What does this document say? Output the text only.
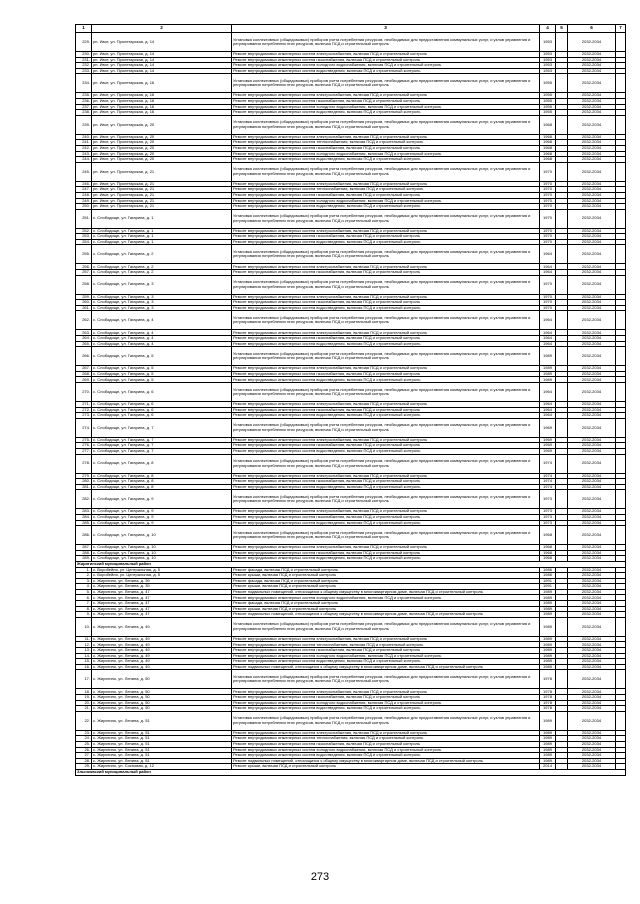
1	2	3	4	5	6	7
229.	рп. Ивот, ул. Пролетарская, д. 14	Установка коллективных (общедомовых) приборов учета потребления ресурсов, необходимых для предоставления коммунальных услуг, и узлов управления и регулирования потребления этих ресурсов, включая ПСД и строительный контроль	1953		2032-2034	
230.	рп. Ивот, ул. Пролетарская, д. 14	Ремонт внутридомовых инженерных систем электроснабжения, включая ПСД и строительный контроль	1953		2032-2034	
231.	рп. Ивот, ул. Пролетарская, д. 14	Ремонт внутридомовых инженерных систем газоснабжения, включая ПСД и строительный контроль	1953		2032-2034	
232.	рп. Ивот, ул. Пролетарская, д. 14	Ремонт внутридомовых инженерных систем холодного водоснабжения, включая ПСД и строительный контроль	1953		2032-2034	
233.	рп. Ивот, ул. Пролетарская, д. 14	Ремонт внутридомовых инженерных систем водоотведения, включая ПСД и строительный контроль	1953		2032-2034	
234.	рп. Ивот, ул. Пролетарская, д. 16	Установка коллективных (общедомовых) приборов учета потребления ресурсов, необходимых для предоставления коммунальных услуг, и узлов управления и регулирования потребления этих ресурсов, включая ПСД и строительный контроль	1955		2032-2034	
235.	рп. Ивот, ул. Пролетарская, д. 16	Ремонт внутридомовых инженерных систем электроснабжения, включая ПСД и строительный контроль	1955		2032-2034	
236.	рп. Ивот, ул. Пролетарская, д. 16	Ремонт внутридомовых инженерных систем газоснабжения, включая ПСД и строительный контроль	1955		2032-2034	
237.	рп. Ивот, ул. Пролетарская, д. 16	Ремонт внутридомовых инженерных систем холодного водоснабжения, включая ПСД и строительный контроль	1955		2032-2034	
238.	рп. Ивот, ул. Пролетарская, д. 16	Ремонт внутридомовых инженерных систем водоотведения, включая ПСД и строительный контроль	1955		2032-2034	
239.	рп. Ивот, ул. Пролетарская, д. 20	Установка коллективных (общедомовых) приборов учета потребления ресурсов, необходимых для предоставления коммунальных услуг, и узлов управления и регулирования потребления этих ресурсов, включая ПСД и строительный контроль	1968		2032-2034	
240.	рп. Ивот, ул. Пролетарская, д. 20	Ремонт внутридомовых инженерных систем электроснабжения, включая ПСД и строительный контроль	1968		2032-2034	
241.	рп. Ивот, ул. Пролетарская, д. 20	Ремонт внутридомовых инженерных систем теплоснабжения, включая ПСД и строительный контроль	1968		2032-2034	
242.	рп. Ивот, ул. Пролетарская, д. 20	Ремонт внутридомовых инженерных систем газоснабжения, включая ПСД и строительный контроль	1968		2032-2034	
243.	рп. Ивот, ул. Пролетарская, д. 20	Ремонт внутридомовых инженерных систем холодного водоснабжения, включая ПСД и строительный контроль	1968		2032-2034	
244.	рп. Ивот, ул. Пролетарская, д. 20	Ремонт внутридомовых инженерных систем водоотведения, включая ПСД и строительный контроль	1968		2032-2034	
245.	рп. Ивот, ул. Пролетарская, д. 21	Установка коллективных (общедомовых) приборов учета потребления ресурсов, необходимых для предоставления коммунальных услуг, и узлов управления и регулирования потребления этих ресурсов, включая ПСД и строительный контроль	1970		2032-2034	
246.	рп. Ивот, ул. Пролетарская, д. 21	Ремонт внутридомовых инженерных систем электроснабжения, включая ПСД и строительный контроль	1970		2032-2034	
247.	рп. Ивот, ул. Пролетарская, д. 21	Ремонт внутридомовых инженерных систем теплоснабжения, включая ПСД и строительный контроль	1970		2032-2034	
248.	рп. Ивот, ул. Пролетарская, д. 21	Ремонт внутридомовых инженерных систем газоснабжения, включая ПСД и строительный контроль	1970		2032-2034	
249.	рп. Ивот, ул. Пролетарская, д. 21	Ремонт внутридомовых инженерных систем холодного водоснабжения, включая ПСД и строительный контроль	1970		2032-2034	
250.	рп. Ивот, ул. Пролетарская, д. 21	Ремонт внутридомовых инженерных систем водоотведения, включая ПСД и строительный контроль	1970		2032-2034	
251.	с. Слободище, ул. Гагарина, д. 1	Установка коллективных (общедомовых) приборов учета потребления ресурсов, необходимых для предоставления коммунальных услуг, и узлов управления и регулирования потребления этих ресурсов, включая ПСД и строительный контроль	1970		2032-2034	
252.	с. Слободище, ул. Гагарина, д. 1	Ремонт внутридомовых инженерных систем электроснабжения, включая ПСД и строительный контроль	1970		2032-2034	
253.	с. Слободище, ул. Гагарина, д. 1	Ремонт внутридомовых инженерных систем газоснабжения, включая ПСД и строительный контроль	1970		2032-2034	
254.	с. Слободище, ул. Гагарина, д. 1	Ремонт внутридомовых инженерных систем водоотведения, включая ПСД и строительный контроль	1970		2032-2034	
255.	с. Слободище, ул. Гагарина, д. 2	Установка коллективных (общедомовых) приборов учета потребления ресурсов, необходимых для предоставления коммунальных услуг, и узлов управления и регулирования потребления этих ресурсов, включая ПСД и строительный контроль	1964		2032-2034	
256.	с. Слободище, ул. Гагарина, д. 2	Ремонт внутридомовых инженерных систем электроснабжения, включая ПСД и строительный контроль	1964		2032-2034	
257.	с. Слободище, ул. Гагарина, д. 2	Ремонт внутридомовых инженерных систем газоснабжения, включая ПСД и строительный контроль	1964		2032-2034	
258.	с. Слободище, ул. Гагарина, д. 3	Установка коллективных (общедомовых) приборов учета потребления ресурсов, необходимых для предоставления коммунальных услуг, и узлов управления и регулирования потребления этих ресурсов, включая ПСД и строительный контроль	1970		2032-2034	
259.	с. Слободище, ул. Гагарина, д. 3	Ремонт внутридомовых инженерных систем электроснабжения, включая ПСД и строительный контроль	1970		2032-2034	
260.	с. Слободище, ул. Гагарина, д. 3	Ремонт внутридомовых инженерных систем газоснабжения, включая ПСД и строительный контроль	1970		2032-2034	
261.	с. Слободище, ул. Гагарина, д. 3	Ремонт внутридомовых инженерных систем водоотведения, включая ПСД и строительный контроль	1970		2032-2034	
262.	с. Слободище, ул. Гагарина, д. 4	Установка коллективных (общедомовых) приборов учета потребления ресурсов, необходимых для предоставления коммунальных услуг, и узлов управления и регулирования потребления этих ресурсов, включая ПСД и строительный контроль	1964		2032-2034	
263.	с. Слободище, ул. Гагарина, д. 4	Ремонт внутридомовых инженерных систем электроснабжения, включая ПСД и строительный контроль	1964		2032-2034	
264.	с. Слободище, ул. Гагарина, д. 4	Ремонт внутридомовых инженерных систем газоснабжения, включая ПСД и строительный контроль	1964		2032-2034	
265.	с. Слободище, ул. Гагарина, д. 4	Ремонт внутридомовых инженерных систем водоотведения, включая ПСД и строительный контроль	1964		2032-2034	
266.	с. Слободище, ул. Гагарина, д. 5	Установка коллективных (общедомовых) приборов учета потребления ресурсов, необходимых для предоставления коммунальных услуг, и узлов управления и регулирования потребления этих ресурсов, включая ПСД и строительный контроль	1989		2032-2034	
267.	с. Слободище, ул. Гагарина, д. 5	Ремонт внутридомовых инженерных систем электроснабжения, включая ПСД и строительный контроль	1989		2032-2034	
268.	с. Слободище, ул. Гагарина, д. 5	Ремонт внутридомовых инженерных систем газоснабжения, включая ПСД и строительный контроль	1989		2032-2034	
269.	с. Слободище, ул. Гагарина, д. 5	Ремонт внутридомовых инженерных систем водоотведения, включая ПСД и строительный контроль	1989		2032-2034	
270.	с. Слободище, ул. Гагарина, д. 6	Установка коллективных (общедомовых) приборов учета потребления ресурсов, необходимых для предоставления коммунальных услуг, и узлов управления и регулирования потребления этих ресурсов, включая ПСД и строительный контроль	1964		2032-2034	
271.	с. Слободище, ул. Гагарина, д. 6	Ремонт внутридомовых инженерных систем электроснабжения, включая ПСД и строительный контроль	1964		2032-2034	
272.	с. Слободище, ул. Гагарина, д. 6	Ремонт внутридомовых инженерных систем газоснабжения, включая ПСД и строительный контроль	1964		2032-2034	
273.	с. Слободище, ул. Гагарина, д. 6	Ремонт внутридомовых инженерных систем водоотведения, включая ПСД и строительный контроль	1964		2032-2034	
274.	с. Слободище, ул. Гагарина, д. 7	Установка коллективных (общедомовых) приборов учета потребления ресурсов, необходимых для предоставления коммунальных услуг, и узлов управления и регулирования потребления этих ресурсов, включая ПСД и строительный контроль	1969		2032-2034	
275.	с. Слободище, ул. Гагарина, д. 7	Ремонт внутридомовых инженерных систем электроснабжения, включая ПСД и строительный контроль	1969		2032-2034	
276.	с. Слободище, ул. Гагарина, д. 7	Ремонт внутридомовых инженерных систем газоснабжения, включая ПСД и строительный контроль	1969		2032-2034	
277.	с. Слободище, ул. Гагарина, д. 7	Ремонт внутридомовых инженерных систем водоотведения, включая ПСД и строительный контроль	1969		2032-2034	
278.	с. Слободище, ул. Гагарина, д. 8	Установка коллективных (общедомовых) приборов учета потребления ресурсов, необходимых для предоставления коммунальных услуг, и узлов управления и регулирования потребления этих ресурсов, включая ПСД и строительный контроль	1974		2032-2034	
279.	с. Слободище, ул. Гагарина, д. 8	Ремонт внутридомовых инженерных систем электроснабжения, включая ПСД и строительный контроль	1974		2032-2034	
280.	с. Слободище, ул. Гагарина, д. 8	Ремонт внутридомовых инженерных систем газоснабжения, включая ПСД и строительный контроль	1974		2032-2034	
281.	с. Слободище, ул. Гагарина, д. 8	Ремонт внутридомовых инженерных систем водоотведения, включая ПСД и строительный контроль	1974		2032-2034	
282.	с. Слободище, ул. Гагарина, д. 9	Установка коллективных (общедомовых) приборов учета потребления ресурсов, необходимых для предоставления коммунальных услуг, и узлов управления и регулирования потребления этих ресурсов, включая ПСД и строительный контроль	1973		2032-2034	
283.	с. Слободище, ул. Гагарина, д. 9	Ремонт внутридомовых инженерных систем электроснабжения, включая ПСД и строительный контроль	1973		2032-2034	
284.	с. Слободище, ул. Гагарина, д. 9	Ремонт внутридомовых инженерных систем газоснабжения, включая ПСД и строительный контроль	1973		2032-2034	
285.	с. Слободище, ул. Гагарина, д. 9	Ремонт внутридомовых инженерных систем водоотведения, включая ПСД и строительный контроль	1973		2032-2034	
286.	с. Слободище, ул. Гагарина, д. 10	Установка коллективных (общедомовых) приборов учета потребления ресурсов, необходимых для предоставления коммунальных услуг, и узлов управления и регулирования потребления этих ресурсов, включая ПСД и строительный контроль	1968		2032-2034	
287.	с. Слободище, ул. Гагарина, д. 10	Ремонт внутридомовых инженерных систем электроснабжения, включая ПСД и строительный контроль	1968		2032-2034	
288.	с. Слободище, ул. Гагарина, д. 10	Ремонт внутридомовых инженерных систем газоснабжения, включая ПСД и строительный контроль	1968		2032-2034	
289.	с. Слободище, ул. Гагарина, д. 10	Ремонт внутридомовых инженерных систем водоотведения, включая ПСД и строительный контроль	1968		2032-2034	
Жирятинский муниципальный район						
1.	с. Воробейня, ул. Центральная, д. 5	Ремонт фасада, включая ПСД и строительный контроль	1986		2032-2034	
2.	с. Воробейня, ул. Центральная, д. 5	Ремонт крыши, включая ПСД и строительный контроль	1986		2032-2034	
3.	с. Жирятино, ул. Ленина, д. 39	Ремонт фасада, включая ПСД и строительный контроль	1991		2032-2034	
4.	с. Жирятино, ул. Ленина, д. 39	Ремонт крыши, включая ПСД и строительный контроль	1991		2032-2034	
5.	с. Жирятино, ул. Ленина, д. 47	Ремонт подвальных помещений, относящихся к общему имуществу в многоквартирном доме, включая ПСД и строительный контроль	1989		2032-2034	
6.	с. Жирятино, ул. Ленина, д. 47	Ремонт внутридомовых инженерных систем холодного водоснабжения, включая ПСД и строительный контроль	1989		2032-2034	
7.	с. Жирятино, ул. Ленина, д. 47	Ремонт фасада, включая ПСД и строительный контроль	1989		2032-2034	
8.	с. Жирятино, ул. Ленина, д. 47	Ремонт крыши, включая ПСД и строительный контроль	1989		2032-2034	
9.	с. Жирятино, ул. Ленина, д. 47	Ремонт подвальных помещений, относящихся к общему имуществу в многоквартирном доме, включая ПСД и строительный контроль	1989		2032-2034	
10.	с. Жирятино, ул. Ленина, д. 49	Установка коллективных (общедомовых) приборов учета потребления ресурсов, необходимых для предоставления коммунальных услуг, и узлов управления и регулирования потребления этих ресурсов, включая ПСД и строительный контроль	1989		2032-2034	
11.	с. Жирятино, ул. Ленина, д. 49	Ремонт внутридомовых инженерных систем электроснабжения, включая ПСД и строительный контроль	1989		2032-2034	
12.	с. Жирятино, ул. Ленина, д. 49	Ремонт внутридомовых инженерных систем теплоснабжения, включая ПСД и строительный контроль	1989		2032-2034	
13.	с. Жирятино, ул. Ленина, д. 49	Ремонт внутридомовых инженерных систем газоснабжения, включая ПСД и строительный контроль	1989		2032-2034	
14.	с. Жирятино, ул. Ленина, д. 49	Ремонт внутридомовых инженерных систем холодного водоснабжения, включая ПСД и строительный контроль	1989		2032-2034	
15.	с. Жирятино, ул. Ленина, д. 49	Ремонт внутридомовых инженерных систем водоотведения, включая ПСД и строительный контроль	1989		2032-2034	
16.	с. Жирятино, ул. Ленина, д. 49	Ремонт подвальных помещений, относящихся к общему имуществу в многоквартирном доме, включая ПСД и строительный контроль	1989		2032-2034	
17.	с. Жирятино, ул. Ленина, д. 50	Установка коллективных (общедомовых) приборов учета потребления ресурсов, необходимых для предоставления коммунальных услуг, и узлов управления и регулирования потребления этих ресурсов, включая ПСД и строительный контроль	1978		2032-2034	
18.	с. Жирятино, ул. Ленина, д. 50	Ремонт внутридомовых инженерных систем электроснабжения, включая ПСД и строительный контроль	1978		2032-2034	
19.	с. Жирятино, ул. Ленина, д. 50	Ремонт внутридомовых инженерных систем газоснабжения, включая ПСД и строительный контроль	1978		2032-2034	
20.	с. Жирятино, ул. Ленина, д. 50	Ремонт внутридомовых инженерных систем холодного водоснабжения, включая ПСД и строительный контроль	1978		2032-2034	
21.	с. Жирятино, ул. Ленина, д. 50	Ремонт внутридомовых инженерных систем водоотведения, включая ПСД и строительный контроль	1978		2032-2034	
22.	с. Жирятино, ул. Ленина, д. 51	Установка коллективных (общедомовых) приборов учета потребления ресурсов, необходимых для предоставления коммунальных услуг, и узлов управления и регулирования потребления этих ресурсов, включая ПСД и строительный контроль	1989		2032-2034	
23.	с. Жирятино, ул. Ленина, д. 51	Ремонт внутридомовых инженерных систем электроснабжения, включая ПСД и строительный контроль	1989		2032-2034	
24.	с. Жирятино, ул. Ленина, д. 51	Ремонт внутридомовых инженерных систем теплоснабжения, включая ПСД и строительный контроль	1989		2032-2034	
25.	с. Жирятино, ул. Ленина, д. 51	Ремонт внутридомовых инженерных систем газоснабжения, включая ПСД и строительный контроль	1989		2032-2034	
26.	с. Жирятино, ул. Ленина, д. 51	Ремонт внутридомовых инженерных систем холодного водоснабжения, включая ПСД и строительный контроль	1989		2032-2034	
27.	с. Жирятино, ул. Ленина, д. 51	Ремонт внутридомовых инженерных систем водоотведения, включая ПСД и строительный контроль	1989		2032-2034	
28.	с. Жирятино, ул. Ленина, д. 51	Ремонт подвальных помещений, относящихся к общему имуществу в многоквартирном доме, включая ПСД и строительный контроль	1989		2032-2034	
29.	с. Жирятино, ул. Сосновая, д. 12	Ремонт крыши, включая ПСД и строительный контроль	2014		2032-2034	
Злынковский муниципальный район						
273
